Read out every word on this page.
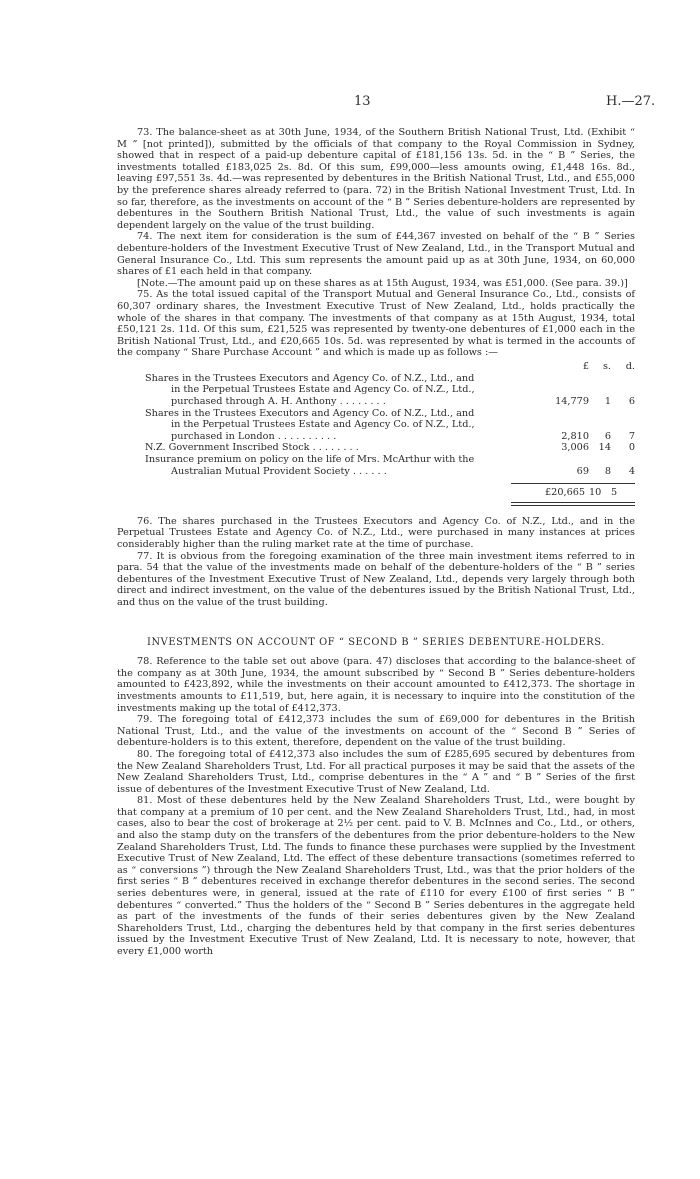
13	H.—27.

73. The balance-sheet as at 30th June, 1934, of the Southern British National Trust, Ltd. (Exhibit “ M ” [not printed]), submitted by the officials of that company to the Royal Commission in Sydney, showed that in respect of a paid-up debenture capital of £181,156 13s. 5d. in the “ B ” Series, the investments totalled £183,025 2s. 8d. Of this sum, £99,000—less amounts owing, £1,448 16s. 8d., leaving £97,551 3s. 4d.—was represented by debentures in the British National Trust, Ltd., and £55,000 by the preference shares already referred to (para. 72) in the British National Investment Trust, Ltd. In so far, therefore, as the investments on account of the “ B ” Series debenture-holders are represented by debentures in the Southern British National Trust, Ltd., the value of such investments is again dependent largely on the value of the trust building.

74. The next item for consideration is the sum of £44,367 invested on behalf of the “ B ” Series debenture-holders of the Investment Executive Trust of New Zealand, Ltd., in the Transport Mutual and General Insurance Co., Ltd. This sum represents the amount paid up as at 30th June, 1934, on 60,000 shares of £1 each held in that company.

[Note.—The amount paid up on these shares as at 15th August, 1934, was £51,000. (See para. 39.)]

75. As the total issued capital of the Transport Mutual and General Insurance Co., Ltd., consists of 60,307 ordinary shares, the Investment Executive Trust of New Zealand, Ltd., holds practically the whole of the shares in that company. The investments of that company as at 15th August, 1934, total £50,121 2s. 11d. Of this sum, £21,525 was represented by twenty-one debentures of £1,000 each in the British National Trust, Ltd., and £20,665 10s. 5d. was represented by what is termed in the accounts of the company “ Share Purchase Account ” and which is made up as follows :—

£	s.	d.
Shares in the Trustees Executors and Agency Co. of N.Z., Ltd., and
in the Perpetual Trustees Estate and Agency Co. of N.Z., Ltd.,
purchased through A. H. Anthony . . . . . . . .	14,779	1	6
Shares in the Trustees Executors and Agency Co. of N.Z., Ltd., and
in the Perpetual Trustees Estate and Agency Co. of N.Z., Ltd.,
purchased in London . . . . . . . . . .	2,810	6	7
N.Z. Government Inscribed Stock . . . . . . . .	3,006 14	0
Insurance premium on policy on the life of Mrs. McArthur with the
Australian Mutual Provident Society . . . . . .	69	8	4
£20,665 10 5

76. The shares purchased in the Trustees Executors and Agency Co. of N.Z., Ltd., and in the Perpetual Trustees Estate and Agency Co. of N.Z., Ltd., were purchased in many instances at prices considerably higher than the ruling market rate at the time of purchase.

77. It is obvious from the foregoing examination of the three main investment items referred to in para. 54 that the value of the investments made on behalf of the debenture-holders of the “ B ” series debentures of the Investment Executive Trust of New Zealand, Ltd., depends very largely through both direct and indirect investment, on the value of the debentures issued by the British National Trust, Ltd., and thus on the value of the trust building.

INVESTMENTS ON ACCOUNT OF “ SECOND B ” SERIES DEBENTURE-HOLDERS.

78. Reference to the table set out above (para. 47) discloses that according to the balance-sheet of the company as at 30th June, 1934, the amount subscribed by “ Second B ” Series debenture-holders amounted to £423,892, while the investments on their account amounted to £412,373. The shortage in investments amounts to £11,519, but, here again, it is necessary to inquire into the constitution of the investments making up the total of £412,373.

79. The foregoing total of £412,373 includes the sum of £69,000 for debentures in the British National Trust, Ltd., and the value of the investments on account of the “ Second B ” Series of debenture-holders is to this extent, therefore, dependent on the value of the trust building.

80. The foregoing total of £412,373 also includes the sum of £285,695 secured by debentures from the New Zealand Shareholders Trust, Ltd. For all practical purposes it may be said that the assets of the New Zealand Shareholders Trust, Ltd., comprise debentures in the “ A ” and “ B ” Series of the first issue of debentures of the Investment Executive Trust of New Zealand, Ltd.

81. Most of these debentures held by the New Zealand Shareholders Trust, Ltd., were bought by that company at a premium of 10 per cent. and the New Zealand Shareholders Trust, Ltd., had, in most cases, also to bear the cost of brokerage at 2½ per cent. paid to V. B. McInnes and Co., Ltd., or others, and also the stamp duty on the transfers of the debentures from the prior debenture-holders to the New Zealand Shareholders Trust, Ltd. The funds to finance these purchases were supplied by the Investment Executive Trust of New Zealand, Ltd. The effect of these debenture transactions (sometimes referred to as “ conversions ”) through the New Zealand Shareholders Trust, Ltd., was that the prior holders of the first series “ B ” debentures received in exchange therefor debentures in the second series. The second series debentures were, in general, issued at the rate of £110 for every £100 of first series “ B ” debentures “ converted.” Thus the holders of the “ Second B ” Series debentures in the aggregate held as part of the investments of the funds of their series debentures given by the New Zealand Shareholders Trust, Ltd., charging the debentures held by that company in the first series debentures issued by the Investment Executive Trust of New Zealand, Ltd. It is necessary to note, however, that every £1,000 worth
